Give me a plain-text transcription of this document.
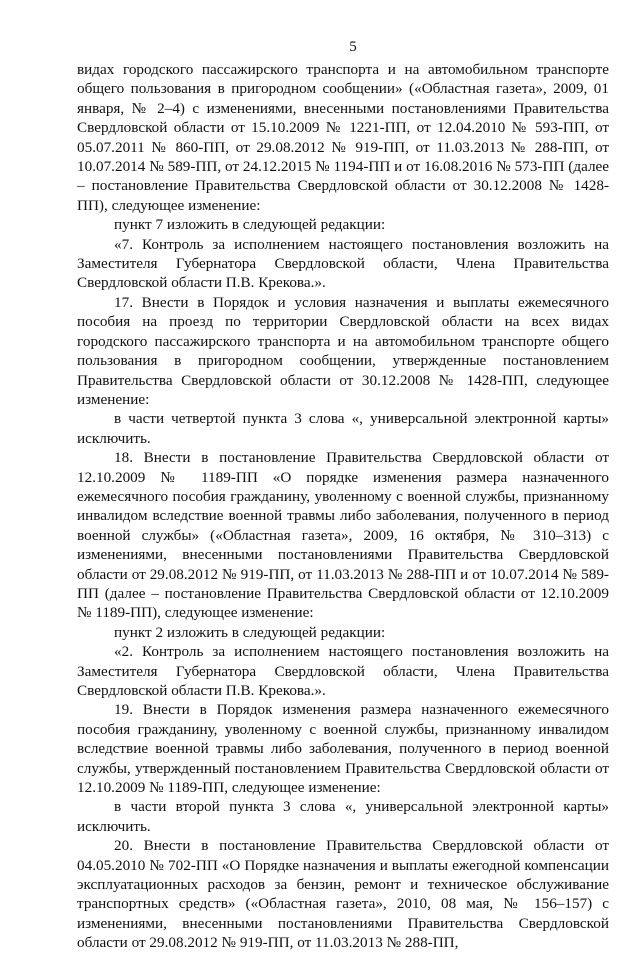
5

видах городского пассажирского транспорта и на автомобильном транспорте общего пользования в пригородном сообщении» («Областная газета», 2009, 01 января, № 2–4) с изменениями, внесенными постановлениями Правительства Свердловской области от 15.10.2009 № 1221-ПП, от 12.04.2010 № 593-ПП, от 05.07.2011 № 860-ПП, от 29.08.2012 № 919-ПП, от 11.03.2013 № 288-ПП, от 10.07.2014 № 589-ПП, от 24.12.2015 № 1194-ПП и от 16.08.2016 № 573-ПП (далее – постановление Правительства Свердловской области от 30.12.2008 № 1428-ПП), следующее изменение:

пункт 7 изложить в следующей редакции:

«7. Контроль за исполнением настоящего постановления возложить на Заместителя Губернатора Свердловской области, Члена Правительства Свердловской области П.В. Крекова.».

17. Внести в Порядок и условия назначения и выплаты ежемесячного пособия на проезд по территории Свердловской области на всех видах городского пассажирского транспорта и на автомобильном транспорте общего пользования в пригородном сообщении, утвержденные постановлением Правительства Свердловской области от 30.12.2008 № 1428-ПП, следующее изменение:

в части четвертой пункта 3 слова «, универсальной электронной карты» исключить.

18. Внести в постановление Правительства Свердловской области от 12.10.2009 № 1189-ПП «О порядке изменения размера назначенного ежемесячного пособия гражданину, уволенному с военной службы, признанному инвалидом вследствие военной травмы либо заболевания, полученного в период военной службы» («Областная газета», 2009, 16 октября, № 310–313) с изменениями, внесенными постановлениями Правительства Свердловской области от 29.08.2012 № 919-ПП, от 11.03.2013 № 288-ПП и от 10.07.2014 № 589-ПП (далее – постановление Правительства Свердловской области от 12.10.2009 № 1189-ПП), следующее изменение:

пункт 2 изложить в следующей редакции:

«2. Контроль за исполнением настоящего постановления возложить на Заместителя Губернатора Свердловской области, Члена Правительства Свердловской области П.В. Крекова.».

19. Внести в Порядок изменения размера назначенного ежемесячного пособия гражданину, уволенному с военной службы, признанному инвалидом вследствие военной травмы либо заболевания, полученного в период военной службы, утвержденный постановлением Правительства Свердловской области от 12.10.2009 № 1189-ПП, следующее изменение:

в части второй пункта 3 слова «, универсальной электронной карты» исключить.

20. Внести в постановление Правительства Свердловской области от 04.05.2010 № 702-ПП «О Порядке назначения и выплаты ежегодной компенсации эксплуатационных расходов за бензин, ремонт и техническое обслуживание транспортных средств» («Областная газета», 2010, 08 мая, № 156–157) с изменениями, внесенными постановлениями Правительства Свердловской области от 29.08.2012 № 919-ПП, от 11.03.2013 № 288-ПП,
